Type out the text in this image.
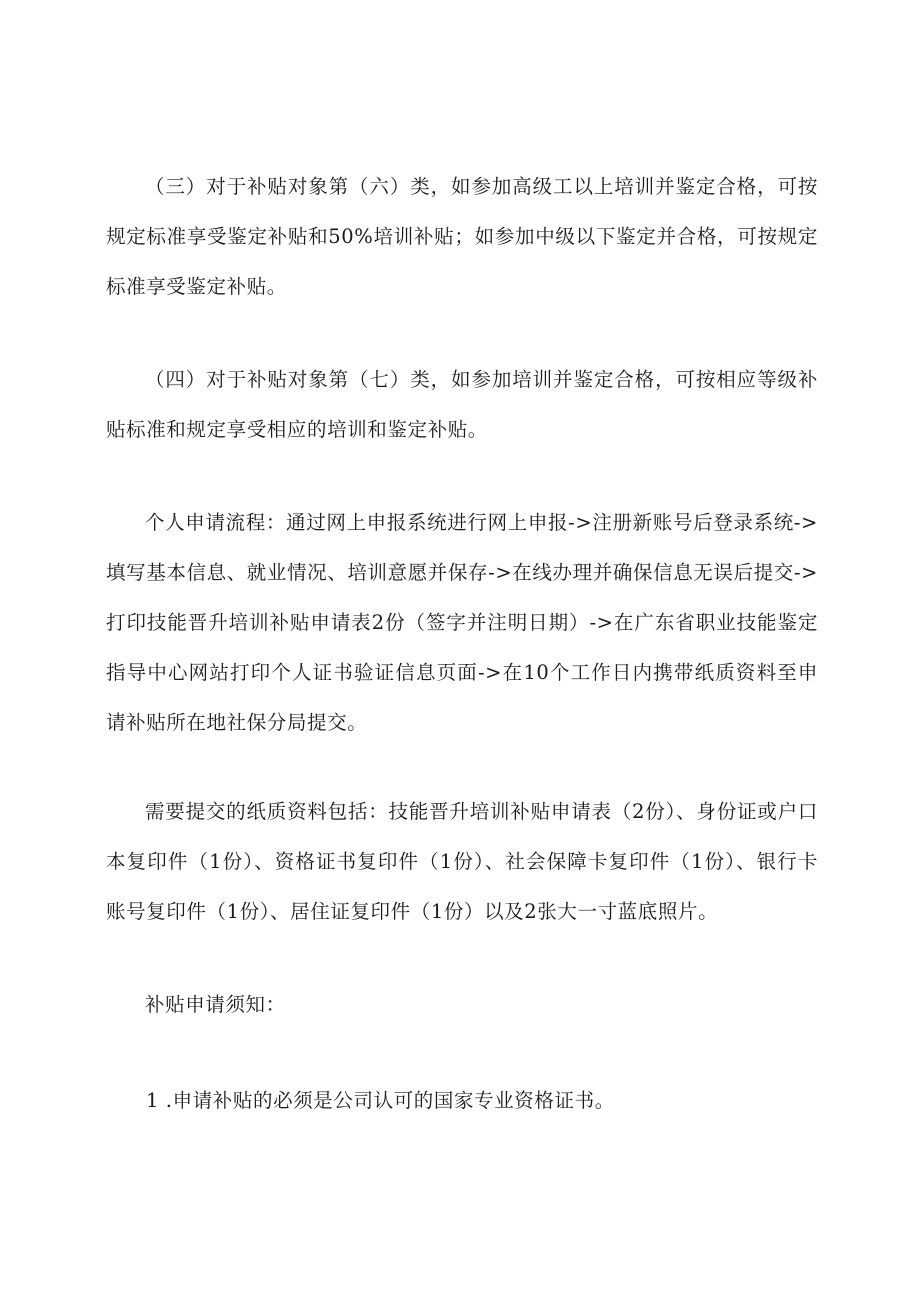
（三）对于补贴对象第（六）类，如参加高级工以上培训并鉴定合格，可按规定标准享受鉴定补贴和50%培训补贴；如参加中级以下鉴定并合格，可按规定标准享受鉴定补贴。

（四）对于补贴对象第（七）类，如参加培训并鉴定合格，可按相应等级补贴标准和规定享受相应的培训和鉴定补贴。

个人申请流程：通过网上申报系统进行网上申报->注册新账号后登录系统->填写基本信息、就业情况、培训意愿并保存->在线办理并确保信息无误后提交->打印技能晋升培训补贴申请表2份（签字并注明日期）->在广东省职业技能鉴定指导中心网站打印个人证书验证信息页面->在10个工作日内携带纸质资料至申请补贴所在地社保分局提交。

需要提交的纸质资料包括：技能晋升培训补贴申请表（2份）、身份证或户口本复印件（1份）、资格证书复印件（1份）、社会保障卡复印件（1份）、银行卡账号复印件（1份）、居住证复印件（1份）以及2张大一寸蓝底照片。

补贴申请须知：

1 .申请补贴的必须是公司认可的国家专业资格证书。
